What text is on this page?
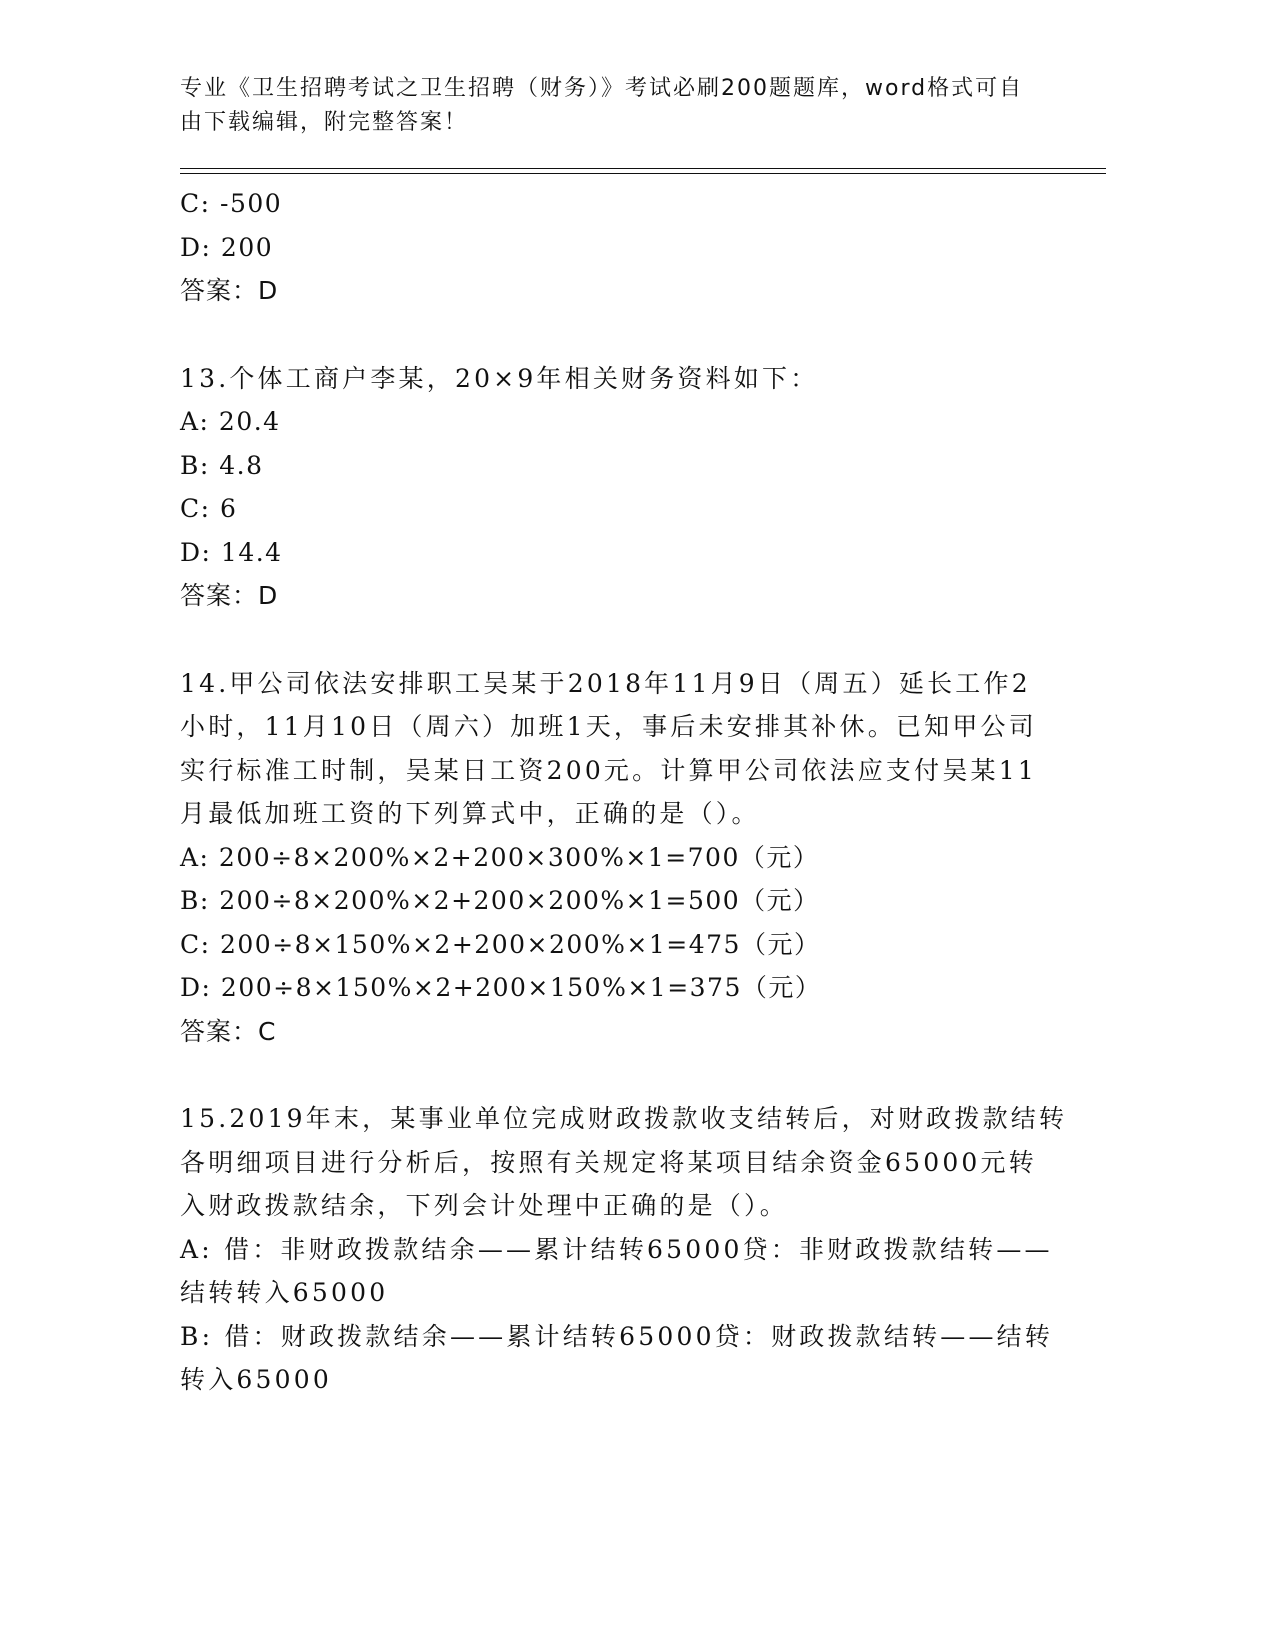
专业《卫生招聘考试之卫生招聘（财务）》考试必刷200题题库，word格式可自
由下载编辑，附完整答案！
C: -500
D: 200
答案：D
13.个体工商户李某，20×9年相关财务资料如下：
A: 20.4
B: 4.8
C: 6
D: 14.4
答案：D
14.甲公司依法安排职工吴某于2018年11月9日（周五）延长工作2
小时，11月10日（周六）加班1天，事后未安排其补休。已知甲公司
实行标准工时制，吴某日工资200元。计算甲公司依法应支付吴某11
月最低加班工资的下列算式中，正确的是（）。
A: 200÷8×200%×2+200×300%×1=700（元）
B: 200÷8×200%×2+200×200%×1=500（元）
C: 200÷8×150%×2+200×200%×1=475（元）
D: 200÷8×150%×2+200×150%×1=375（元）
答案：C
15.2019年末，某事业单位完成财政拨款收支结转后，对财政拨款结转
各明细项目进行分析后，按照有关规定将某项目结余资金65000元转
入财政拨款结余，下列会计处理中正确的是（）。
A: 借：非财政拨款结余——累计结转65000贷：非财政拨款结转——
结转转入65000
B: 借：财政拨款结余——累计结转65000贷：财政拨款结转——结转
转入65000
